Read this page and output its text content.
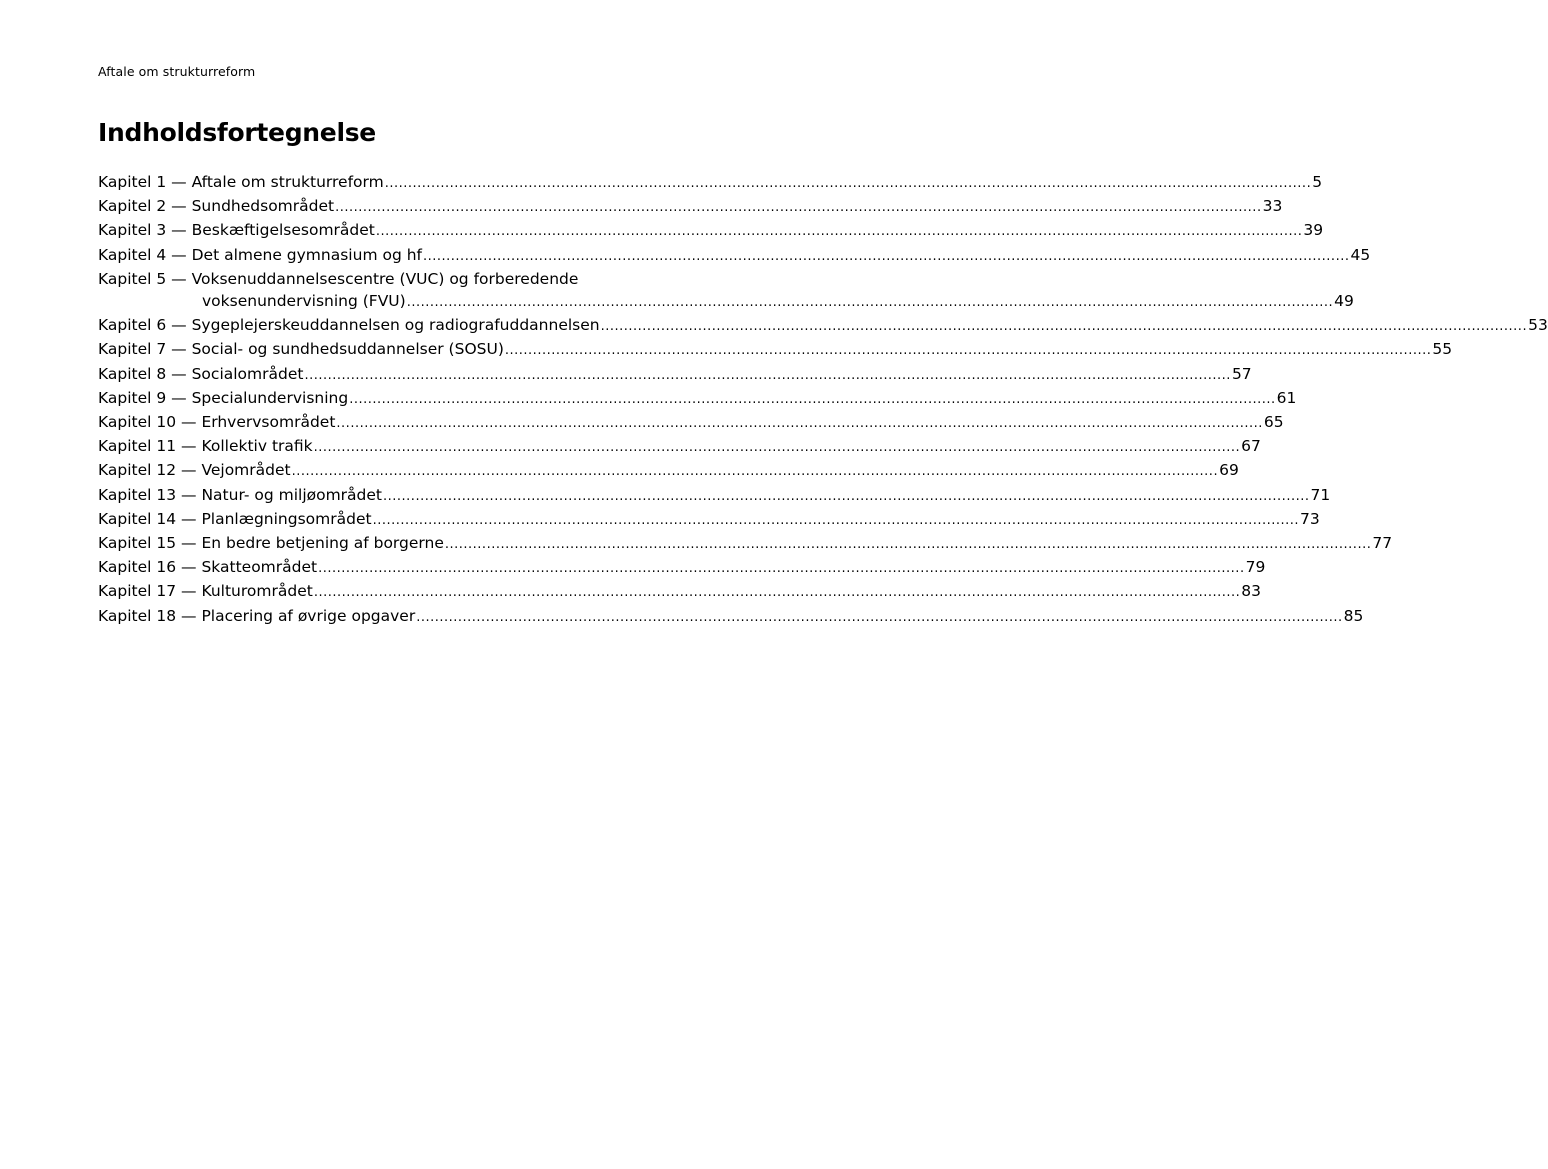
Aftale om strukturreform
Indholdsfortegnelse
Kapitel 1 — Aftale om strukturreform ........................................................................................................................................................................................................ 5
Kapitel 2 — Sundhedsområdet ........................................................................................................................................................................................................ 33
Kapitel 3 — Beskæftigelsesområdet ........................................................................................................................................................................................................ 39
Kapitel 4 — Det almene gymnasium og hf ........................................................................................................................................................................................................ 45
Kapitel 5 — Voksenuddannelsescentre (VUC) og forberedende
voksenundervisning (FVU) ........................................................................................................................................................................................................ 49
Kapitel 6 — Sygeplejerskeuddannelsen og radiografuddannelsen ........................................................................................................................................................................................................ 53
Kapitel 7 — Social- og sundhedsuddannelser (SOSU) ........................................................................................................................................................................................................ 55
Kapitel 8 — Socialområdet ........................................................................................................................................................................................................ 57
Kapitel 9 — Specialundervisning ........................................................................................................................................................................................................ 61
Kapitel 10 — Erhvervsområdet ........................................................................................................................................................................................................ 65
Kapitel 11 — Kollektiv trafik ........................................................................................................................................................................................................ 67
Kapitel 12 — Vejområdet ........................................................................................................................................................................................................ 69
Kapitel 13 — Natur- og miljøområdet ........................................................................................................................................................................................................ 71
Kapitel 14 — Planlægningsområdet ........................................................................................................................................................................................................ 73
Kapitel 15 — En bedre betjening af borgerne ........................................................................................................................................................................................................ 77
Kapitel 16 — Skatteområdet ........................................................................................................................................................................................................ 79
Kapitel 17 — Kulturområdet ........................................................................................................................................................................................................ 83
Kapitel 18 — Placering af øvrige opgaver ........................................................................................................................................................................................................ 85
